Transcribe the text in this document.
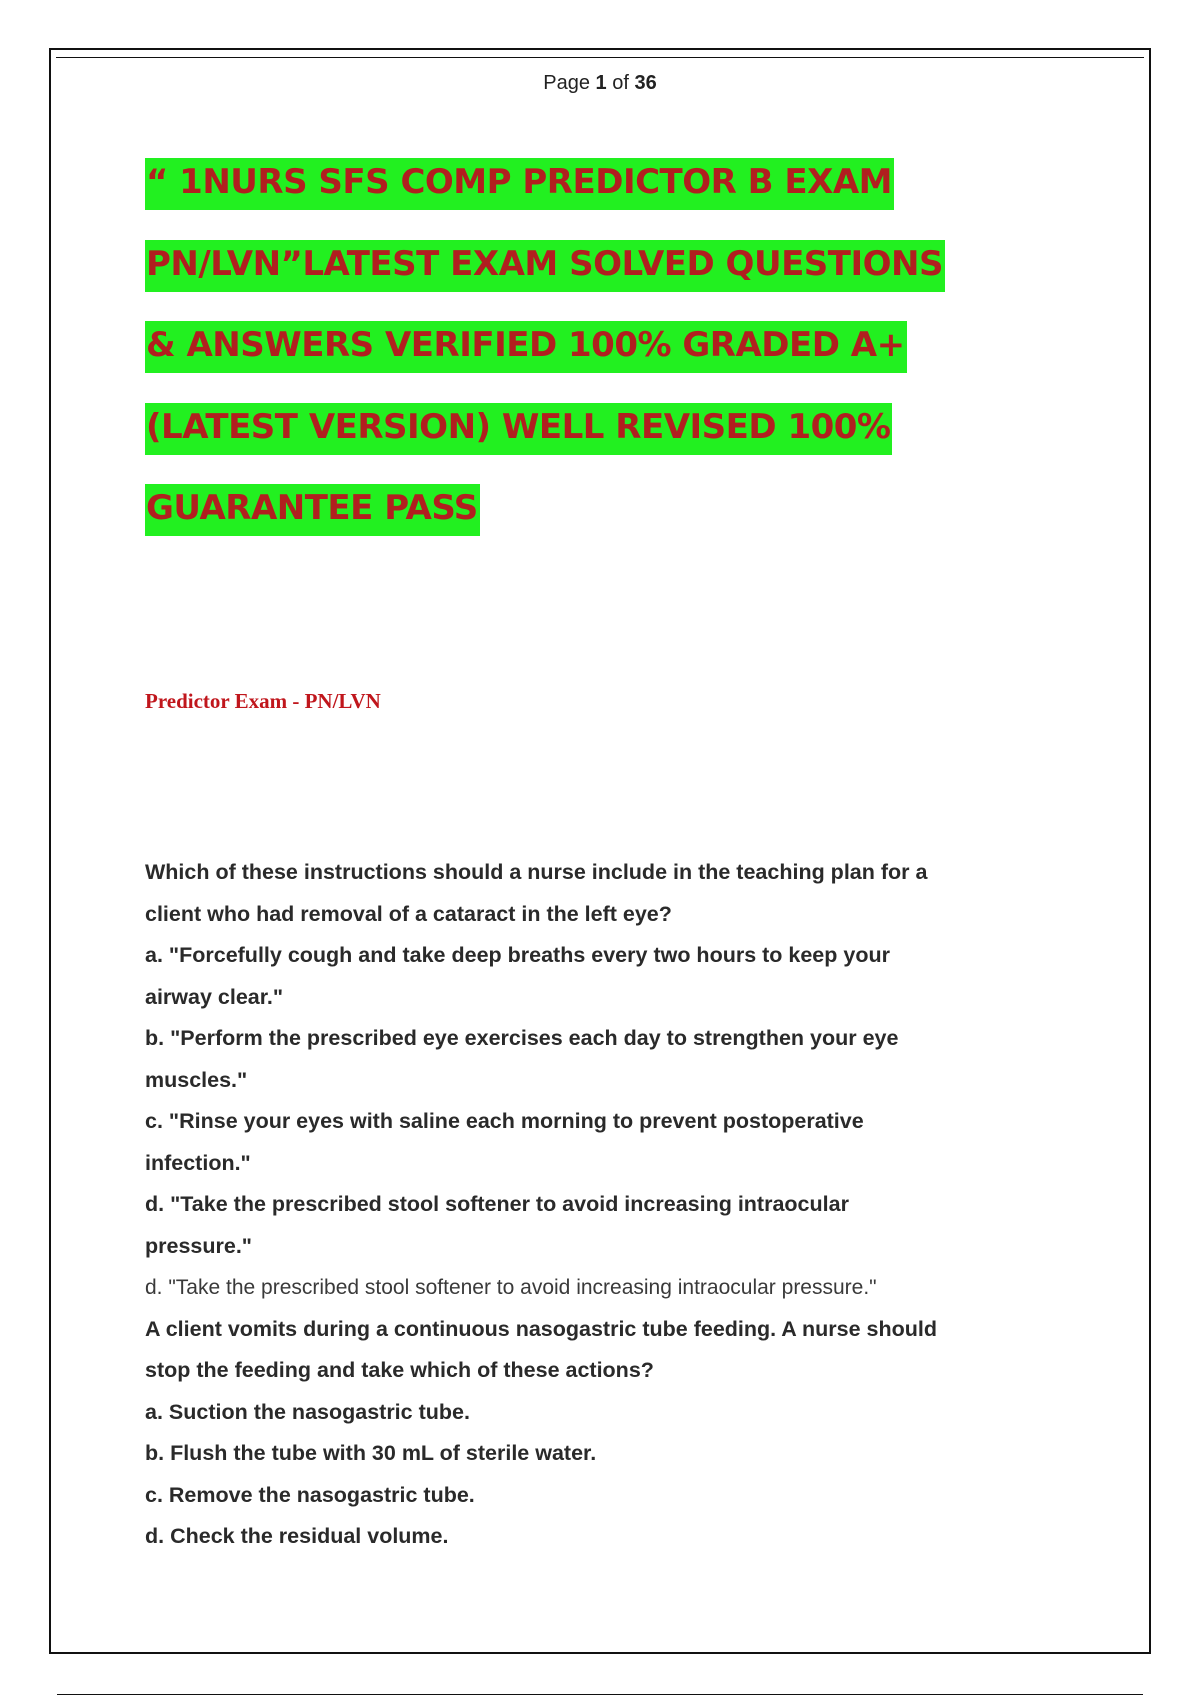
Page 1 of 36
“ 1NURS SFS COMP PREDICTOR B EXAM
PN/LVN”LATEST EXAM SOLVED QUESTIONS
& ANSWERS VERIFIED 100% GRADED A+
(LATEST VERSION) WELL REVISED 100%
GUARANTEE PASS
Predictor Exam - PN/LVN

Which of these instructions should a nurse include in the teaching plan for a

client who had removal of a cataract in the left eye?

a. "Forcefully cough and take deep breaths every two hours to keep your

airway clear."

b. "Perform the prescribed eye exercises each day to strengthen your eye

muscles."

c. "Rinse your eyes with saline each morning to prevent postoperative

infection."

d. "Take the prescribed stool softener to avoid increasing intraocular

pressure."

d. "Take the prescribed stool softener to avoid increasing intraocular pressure."

A client vomits during a continuous nasogastric tube feeding. A nurse should

stop the feeding and take which of these actions?

a. Suction the nasogastric tube.

b. Flush the tube with 30 mL of sterile water.

c. Remove the nasogastric tube.

d. Check the residual volume.
